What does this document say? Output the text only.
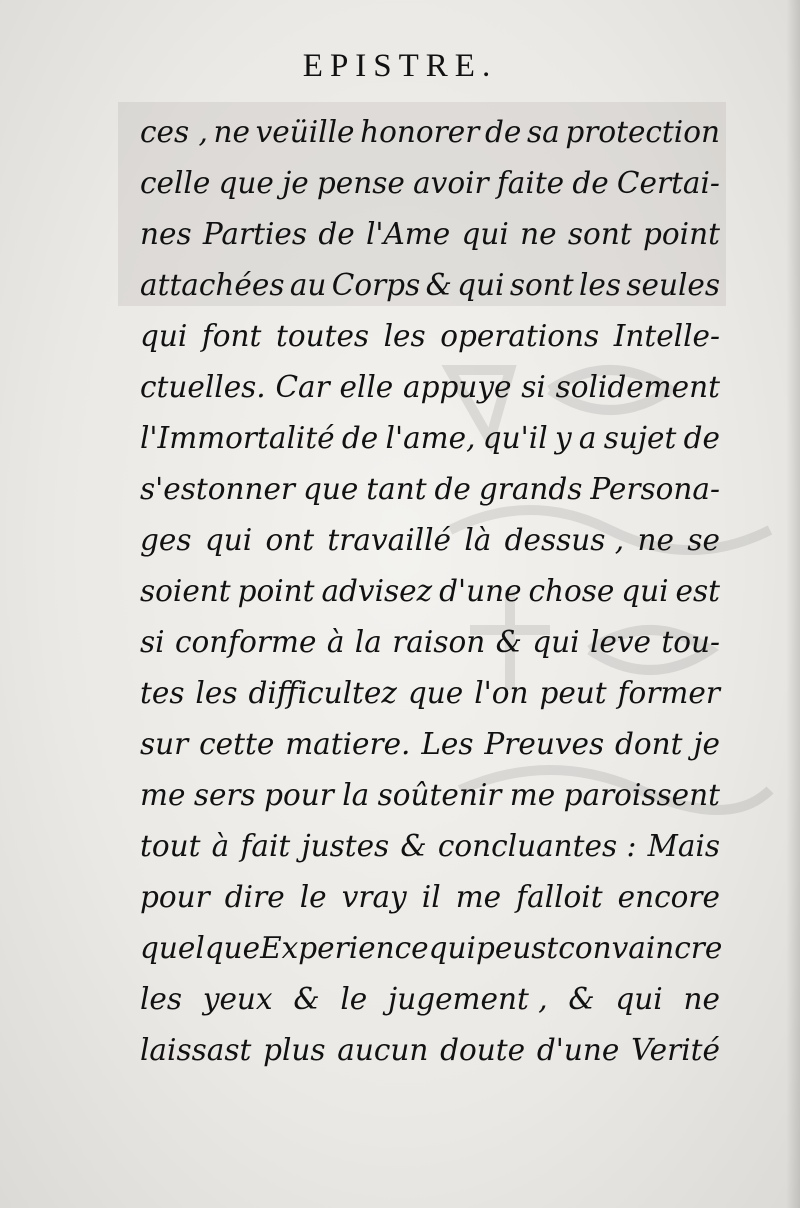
EPISTRE.
ces , ne veüille honorer de sa protection
celle que je pense avoir faite de Certai-
nes Parties de l'Ame qui ne sont point
attachées au Corps & qui sont les seules
qui font toutes les operations Intelle-
ctuelles. Car elle appuye si solidement
l'Immortalité de l'ame, qu'il y a sujet de
s'estonner que tant de grands Persona-
ges qui ont travaillé là dessus , ne se
soient point advisez d'une chose qui est
si conforme à la raison & qui leve tou-
tes les difficultez que l'on peut former
sur cette matiere. Les Preuves dont je
me sers pour la soûtenir me paroissent
tout à fait justes & concluantes : Mais
pour dire le vray il me falloit encore
quelque Experience qui peust convaincre
les yeux & le jugement , & qui ne
laissast plus aucun doute d'une Verité
